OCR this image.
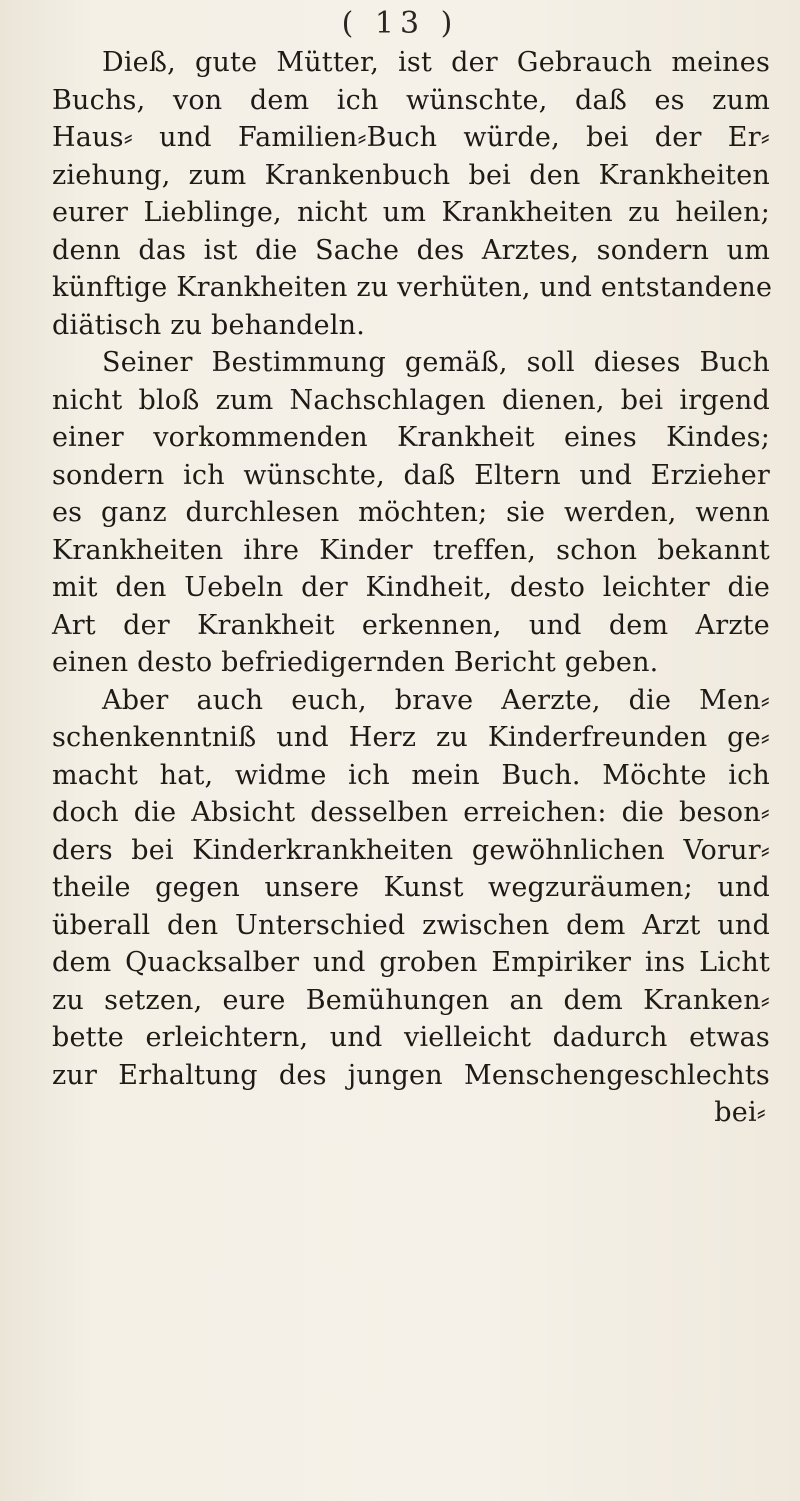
( 13 )
Dieß, gute Mütter, ist der Gebrauch meines
Buchs, von dem ich wünschte, daß es zum
Haus⸗ und Familien⸗Buch würde, bei der Er⸗
ziehung, zum Krankenbuch bei den Krankheiten
eurer Lieblinge, nicht um Krankheiten zu heilen;
denn das ist die Sache des Arztes, sondern um
künftige Krankheiten zu verhüten, und entstandene
diätisch zu behandeln.
Seiner Bestimmung gemäß, soll dieses Buch
nicht bloß zum Nachschlagen dienen, bei irgend
einer vorkommenden Krankheit eines Kindes;
sondern ich wünschte, daß Eltern und Erzieher
es ganz durchlesen möchten; sie werden, wenn
Krankheiten ihre Kinder treffen, schon bekannt
mit den Uebeln der Kindheit, desto leichter die
Art der Krankheit erkennen, und dem Arzte
einen desto befriedigernden Bericht geben.
Aber auch euch, brave Aerzte, die Men⸗
schenkenntniß und Herz zu Kinderfreunden ge⸗
macht hat, widme ich mein Buch. Möchte ich
doch die Absicht desselben erreichen: die beson⸗
ders bei Kinderkrankheiten gewöhnlichen Vorur⸗
theile gegen unsere Kunst wegzuräumen; und
überall den Unterschied zwischen dem Arzt und
dem Quacksalber und groben Empiriker ins Licht
zu setzen, eure Bemühungen an dem Kranken⸗
bette erleichtern, und vielleicht dadurch etwas
zur Erhaltung des jungen Menschengeschlechts
bei⸗
